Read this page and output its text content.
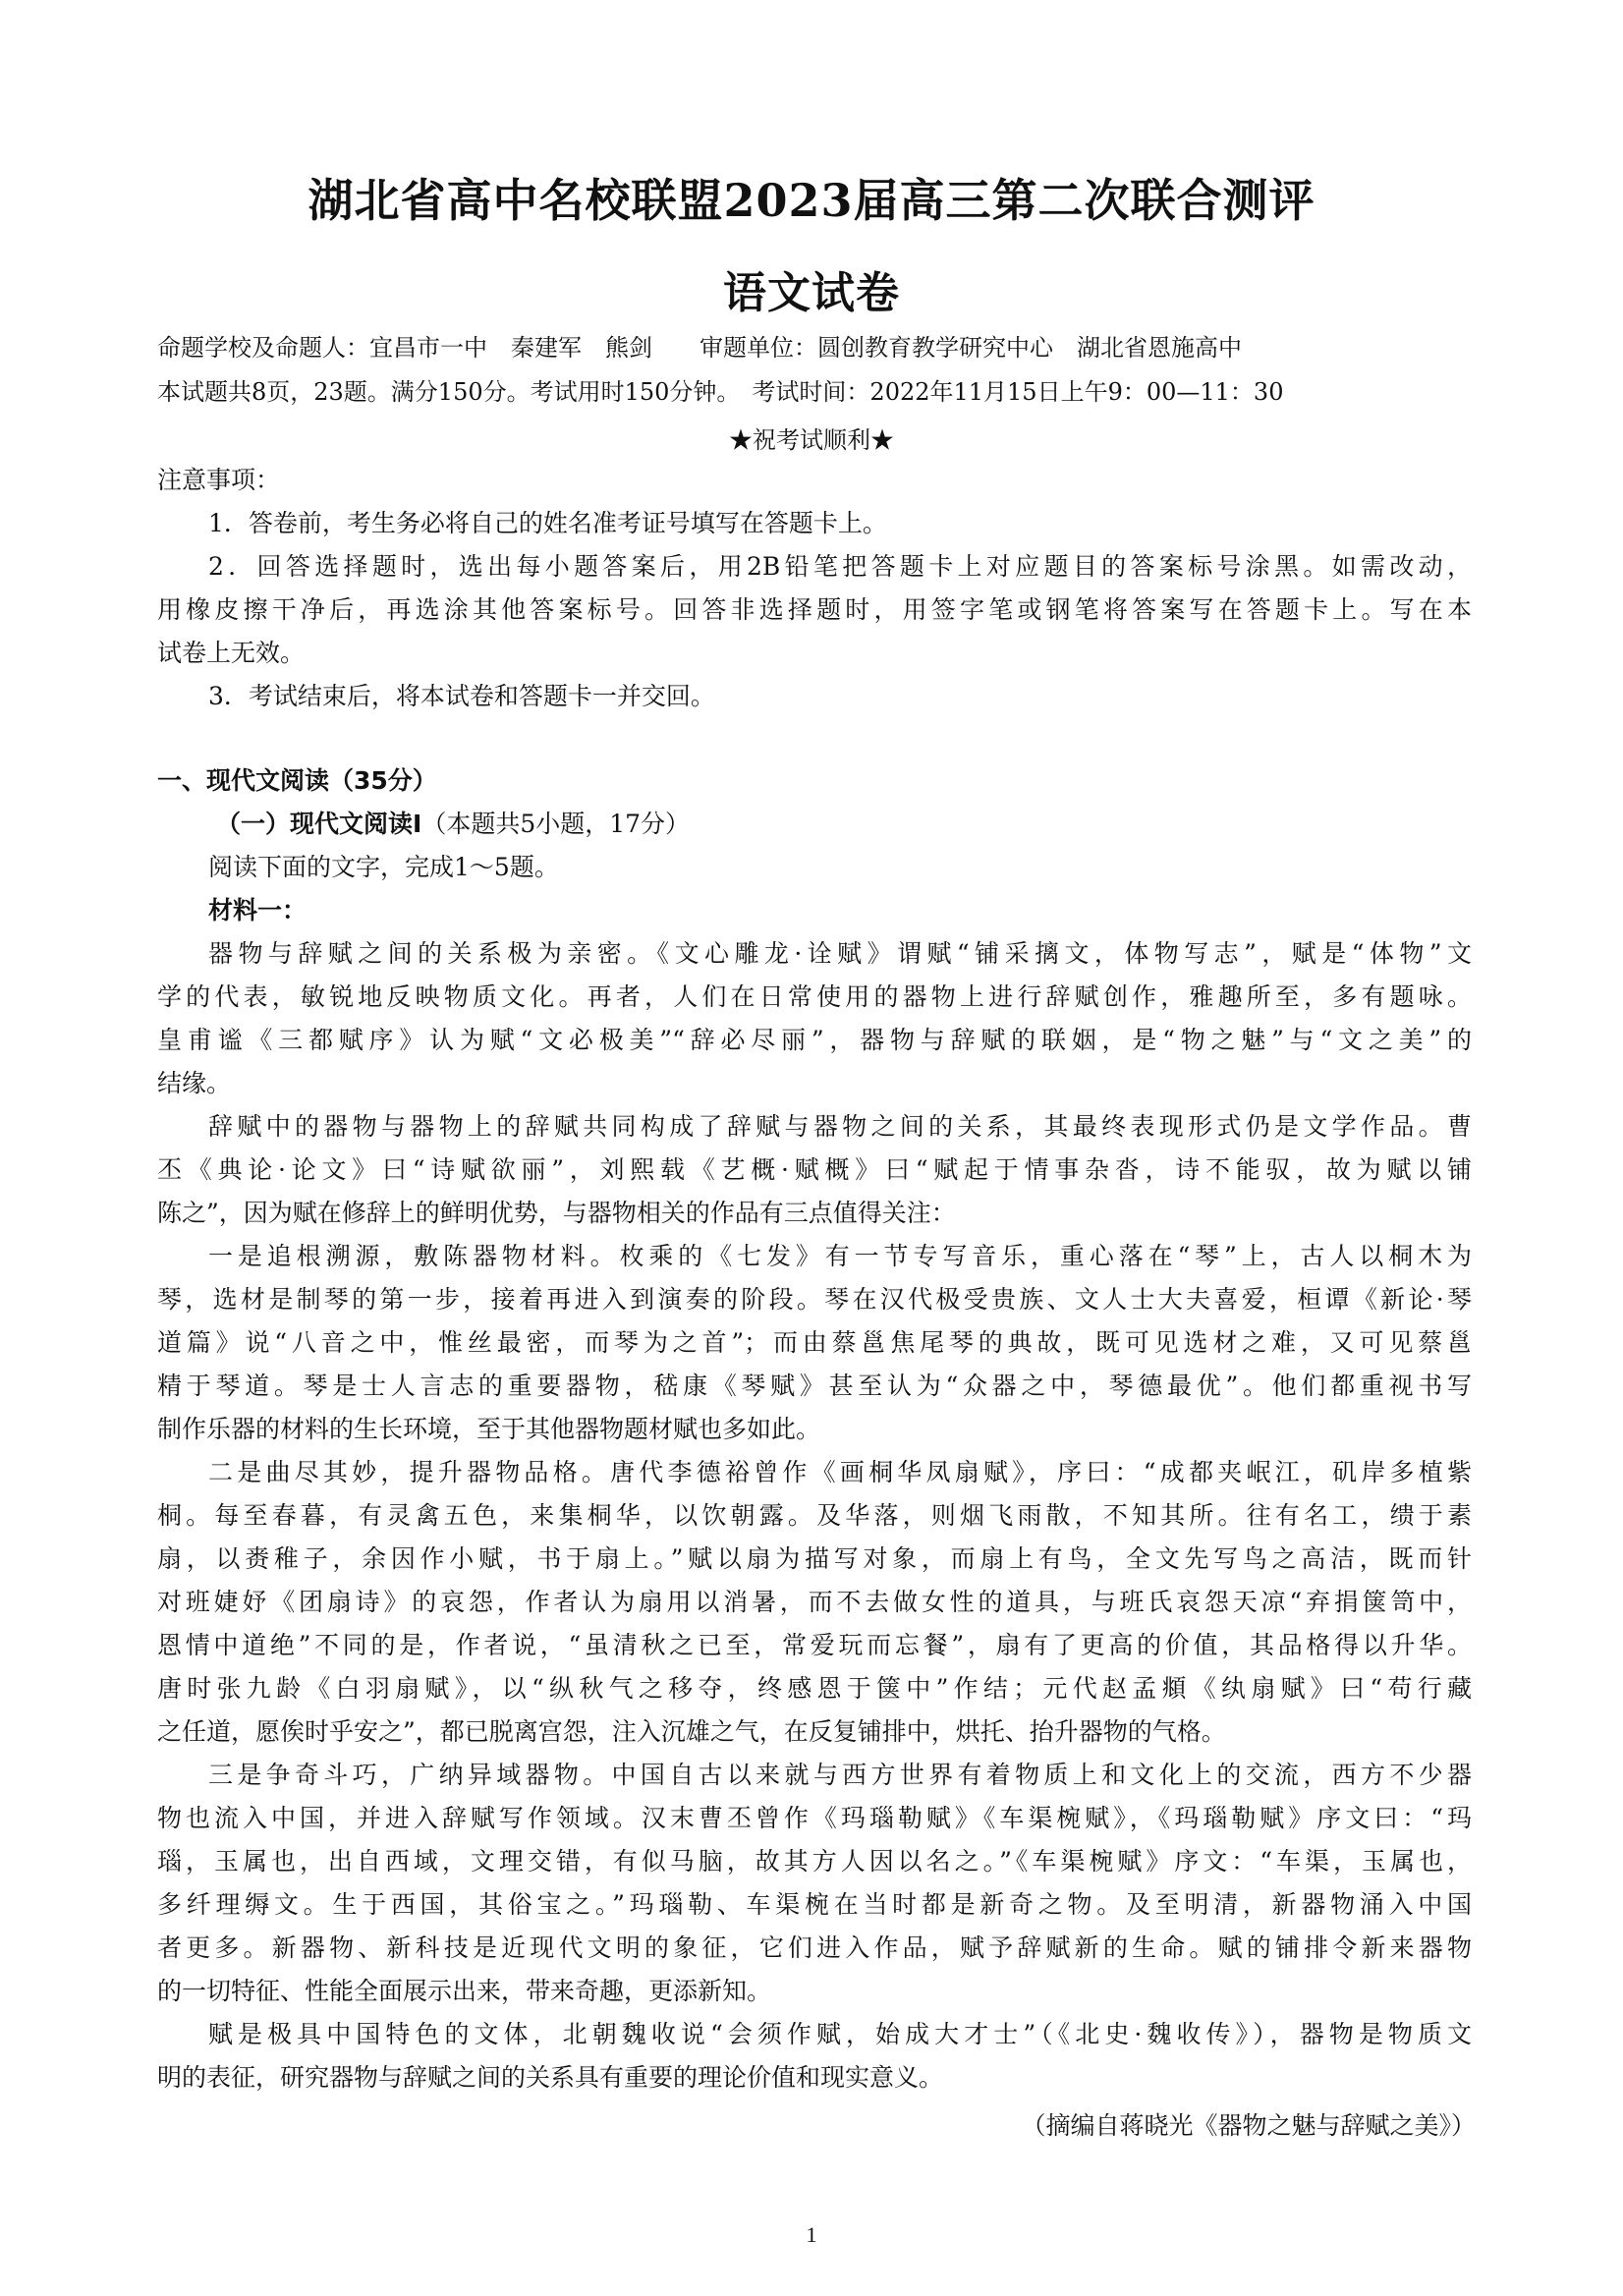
湖北省高中名校联盟2023届高三第二次联合测评
语文试卷
命题学校及命题人：宜昌市一中　秦建军　熊剑　　审题单位：圆创教育教学研究中心　湖北省恩施高中
本试题共8页，23题。满分150分。考试用时150分钟。　考试时间：2022年11月15日上午9：00—11：30
★祝考试顺利★
注意事项：
1．答卷前，考生务必将自己的姓名准考证号填写在答题卡上。
2．回答选择题时，选出每小题答案后，用2B铅笔把答题卡上对应题目的答案标号涂黑。如需改动，
用橡皮擦干净后，再选涂其他答案标号。回答非选择题时，用签字笔或钢笔将答案写在答题卡上。写在本
试卷上无效。
3．考试结束后，将本试卷和答题卡一并交回。
一、现代文阅读（35分）
（一）现代文阅读Ⅰ（本题共5小题，17分）
阅读下面的文字，完成1～5题。
材料一：
器物与辞赋之间的关系极为亲密。《文心雕龙·诠赋》谓赋“铺采摛文，体物写志”，赋是“体物”文
学的代表，敏锐地反映物质文化。再者，人们在日常使用的器物上进行辞赋创作，雅趣所至，多有题咏。
皇甫谧《三都赋序》认为赋“文必极美”“辞必尽丽”，器物与辞赋的联姻，是“物之魅”与“文之美”的
结缘。
辞赋中的器物与器物上的辞赋共同构成了辞赋与器物之间的关系，其最终表现形式仍是文学作品。曹
丕《典论·论文》曰“诗赋欲丽”，刘熙载《艺概·赋概》曰“赋起于情事杂沓，诗不能驭，故为赋以铺
陈之”，因为赋在修辞上的鲜明优势，与器物相关的作品有三点值得关注：
一是追根溯源，敷陈器物材料。枚乘的《七发》有一节专写音乐，重心落在“琴”上，古人以桐木为
琴，选材是制琴的第一步，接着再进入到演奏的阶段。琴在汉代极受贵族、文人士大夫喜爱，桓谭《新论·琴
道篇》说“八音之中，惟丝最密，而琴为之首”；而由蔡邕焦尾琴的典故，既可见选材之难，又可见蔡邕
精于琴道。琴是士人言志的重要器物，嵇康《琴赋》甚至认为“众器之中，琴德最优”。他们都重视书写
制作乐器的材料的生长环境，至于其他器物题材赋也多如此。
二是曲尽其妙，提升器物品格。唐代李德裕曾作《画桐华凤扇赋》，序曰：“成都夹岷江，矶岸多植紫
桐。每至春暮，有灵禽五色，来集桐华，以饮朝露。及华落，则烟飞雨散，不知其所。往有名工，缋于素
扇，以赉稚子，余因作小赋，书于扇上。”赋以扇为描写对象，而扇上有鸟，全文先写鸟之高洁，既而针
对班婕妤《团扇诗》的哀怨，作者认为扇用以消暑，而不去做女性的道具，与班氏哀怨天凉“弃捐箧笥中，
恩情中道绝”不同的是，作者说，“虽清秋之已至，常爱玩而忘餐”，扇有了更高的价值，其品格得以升华。
唐时张九龄《白羽扇赋》，以“纵秋气之移夺，终感恩于箧中”作结；元代赵孟頫《纨扇赋》曰“苟行藏
之任道，愿俟时乎安之”，都已脱离宫怨，注入沉雄之气，在反复铺排中，烘托、抬升器物的气格。
三是争奇斗巧，广纳异域器物。中国自古以来就与西方世界有着物质上和文化上的交流，西方不少器
物也流入中国，并进入辞赋写作领域。汉末曹丕曾作《玛瑙勒赋》《车渠椀赋》，《玛瑙勒赋》序文曰：“玛
瑙，玉属也，出自西域，文理交错，有似马脑，故其方人因以名之。”《车渠椀赋》序文：“车渠，玉属也，
多纤理缛文。生于西国，其俗宝之。”玛瑙勒、车渠椀在当时都是新奇之物。及至明清，新器物涌入中国
者更多。新器物、新科技是近现代文明的象征，它们进入作品，赋予辞赋新的生命。赋的铺排令新来器物
的一切特征、性能全面展示出来，带来奇趣，更添新知。
赋是极具中国特色的文体，北朝魏收说“会须作赋，始成大才士”（《北史·魏收传》），器物是物质文
明的表征，研究器物与辞赋之间的关系具有重要的理论价值和现实意义。
（摘编自蒋晓光《器物之魅与辞赋之美》）
1
